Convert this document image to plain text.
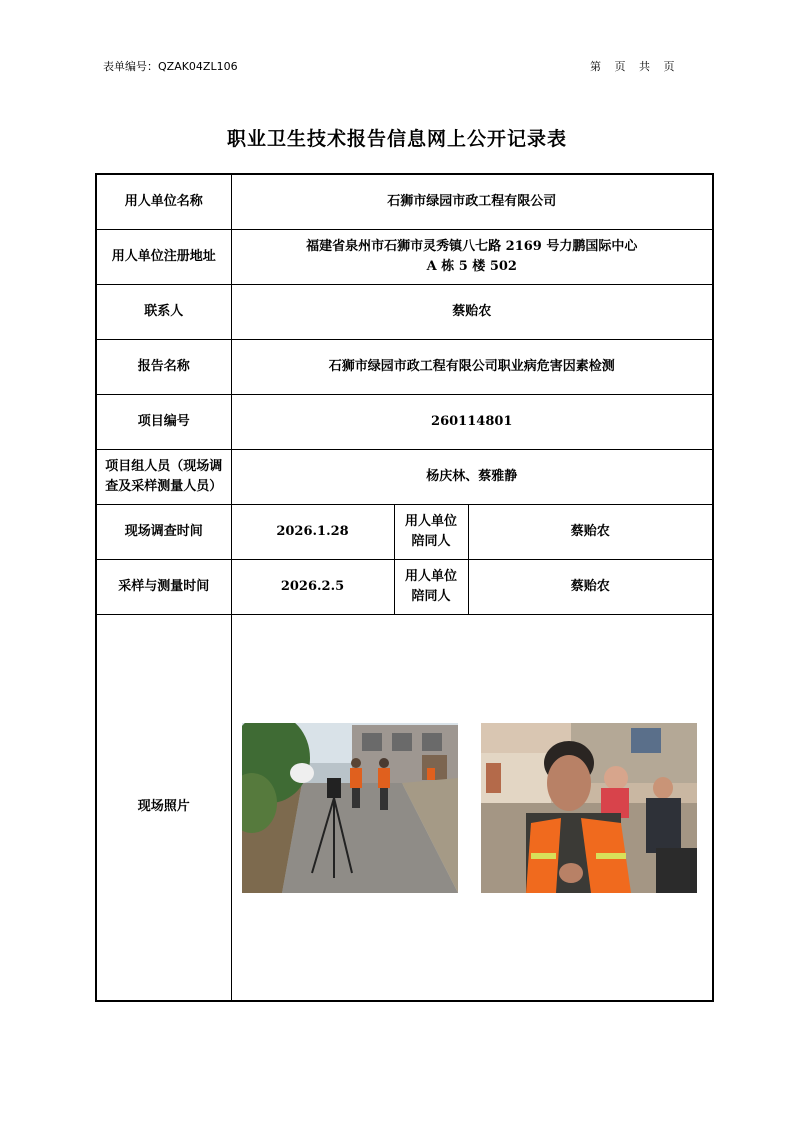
表单编号：QZAK04ZL106	第 页 共 页
职业卫生技术报告信息网上公开记录表
用人单位名称	石狮市绿园市政工程有限公司		
用人单位注册地址	福建省泉州市石狮市灵秀镇八七路 2169 号力鹏国际中心
A 栋 5 楼 502		

联系人	蔡贻农		
报告名称	石狮市绿园市政工程有限公司职业病危害因素检测		
项目编号	260114801		

项目组人员（现场调
查及采样测量人员）	杨庆林、蔡雅静		
现场调查时间	2026.1.28	用人单位
陪同人	蔡贻农
采样与测量时间	2026.2.5	用人单位
陪同人	蔡贻农
现场照片	
